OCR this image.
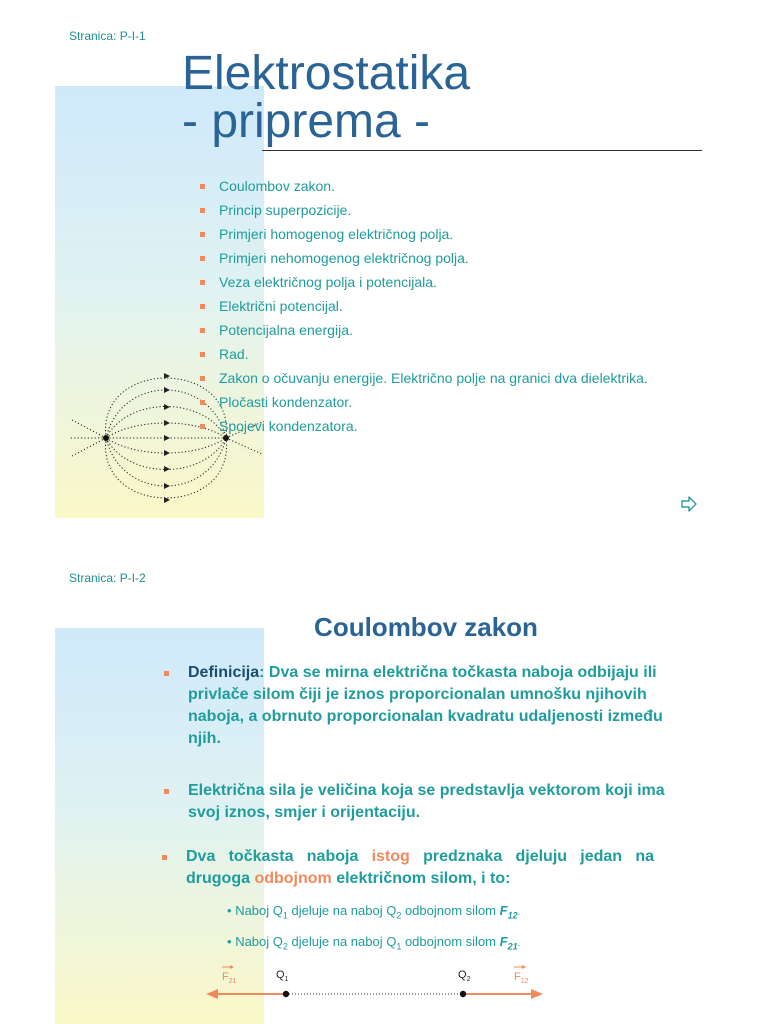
Stranica: P-I-1
Elektrostatika
- priprema -
Coulombov zakon.
Princip superpozicije.
Primjeri homogenog električnog polja.
Primjeri nehomogenog električnog polja.
Veza električnog polja i potencijala.
Električni potencijal.
Potencijalna energija.
Rad.
Zakon o očuvanju energije. Električno polje na granici dva dielektrika.
Pločasti kondenzator.
Spojevi kondenzatora.
Stranica: P-I-2
Coulombov zakon
Definicija: Dva se mirna električna točkasta naboja odbijaju ili privlače silom čiji je iznos proporcionalan umnošku njihovih naboja, a obrnuto proporcionalan kvadratu udaljenosti između njih.
Električna sila je veličina koja se predstavlja vektorom koji ima svoj iznos, smjer i orijentaciju.
Dva točkasta naboja istog predznaka djeluju jedan na drugoga odbojnom električnom silom, i to:
• Naboj $Q_1$ djeluje na naboj $Q_2$ odbojnom silom $F_{12}$.
• Naboj $Q_2$ djeluje na naboj $Q_1$ odbojnom silom $F_{21}$.
$Q_1$	$Q_2$
$F_{21}$	$F_{12}$
